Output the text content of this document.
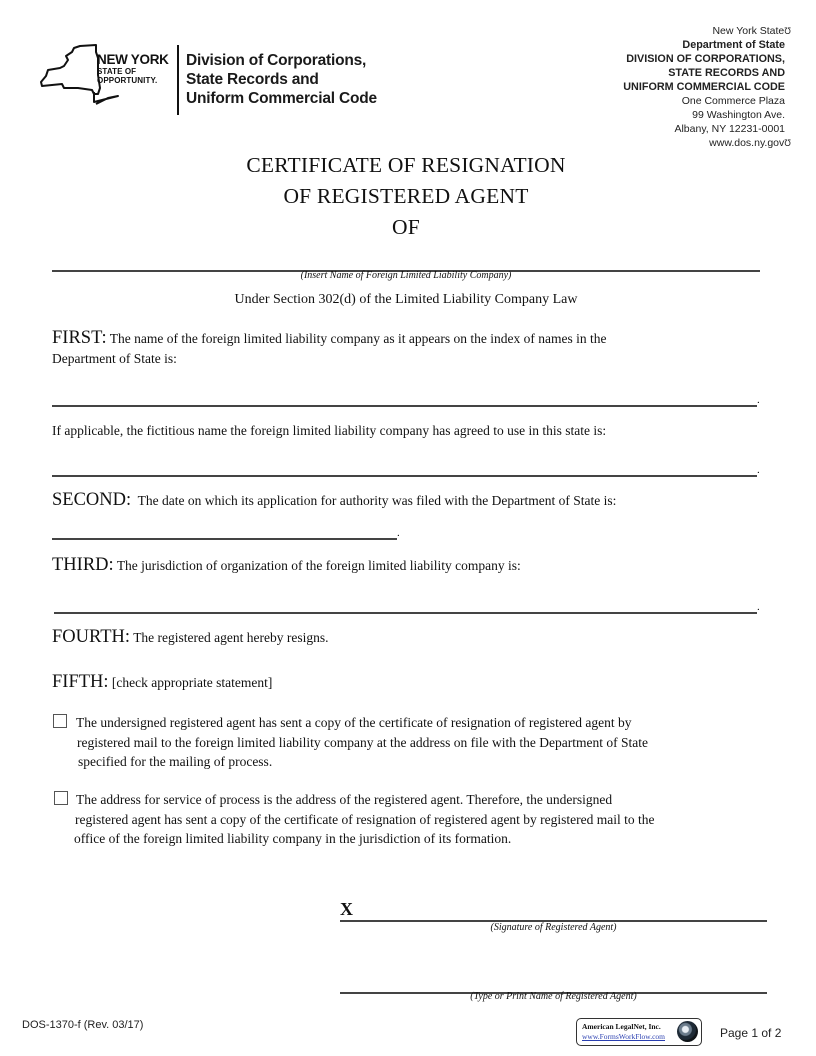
NEW YORK
STATE OF
OPPORTUNITY.
Division of Corporations,
State Records and
Uniform Commercial Code
New York StateƱ
Department of State
DIVISION OF CORPORATIONS,
STATE RECORDS AND
UNIFORM COMMERCIAL CODE
One Commerce Plaza
99 Washington Ave.
Albany, NY 12231-0001
www.dos.ny.govƱ
CERTIFICATE OF RESIGNATION
OF REGISTERED AGENT
OF
(Insert Name of Foreign Limited Liability Company)
Under Section 302(d) of the Limited Liability Company Law
FIRST: The name of the foreign limited liability company as it appears on the index of names in the
Department of State is:
.
If applicable, the fictitious name the foreign limited liability company has agreed to use in this state is:
.
SECOND: The date on which its application for authority was filed with the Department of State is:
.
THIRD: The jurisdiction of organization of the foreign limited liability company is:
.
FOURTH: The registered agent hereby resigns.
FIFTH: [check appropriate statement]
The undersigned registered agent has sent a copy of the certificate of resignation of registered agent by
registered mail to the foreign limited liability company at the address on file with the Department of State
specified for the mailing of process.
The address for service of process is the address of the registered agent. Therefore, the undersigned
registered agent has sent a copy of the certificate of resignation of registered agent by registered mail to the
office of the foreign limited liability company in the jurisdiction of its formation.
X
(Signature of Registered Agent)
(Type or Print Name of Registered Agent)
DOS-1370-f (Rev. 03/17)	American LegalNet, Inc.
www.FormsWorkFlow.com	Page 1 of 2
